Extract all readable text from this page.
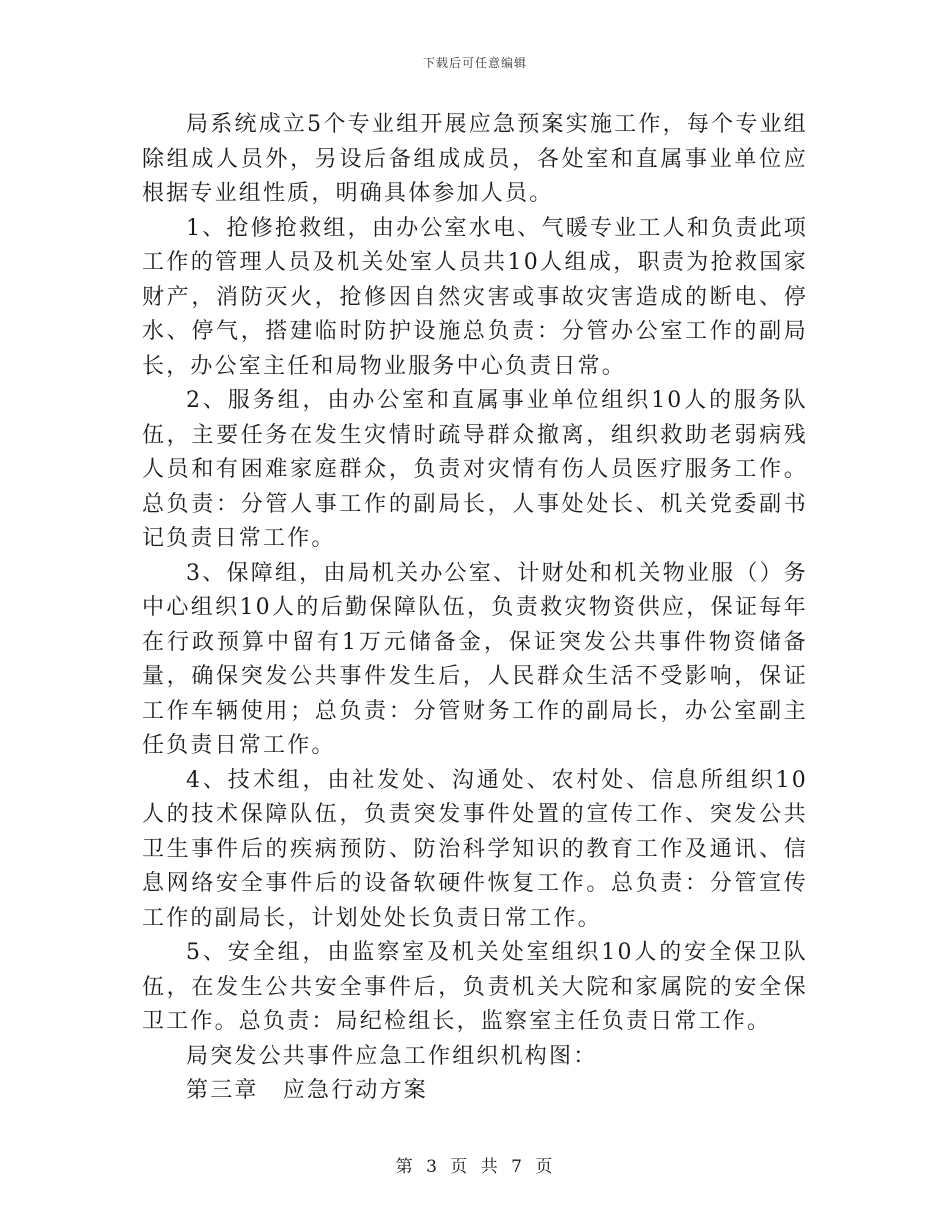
下载后可任意编辑

局系统成立5个专业组开展应急预案实施工作，每个专业组除组成人员外，另设后备组成成员，各处室和直属事业单位应根据专业组性质，明确具体参加人员。

1、抢修抢救组，由办公室水电、气暖专业工人和负责此项工作的管理人员及机关处室人员共10人组成，职责为抢救国家财产，消防灭火，抢修因自然灾害或事故灾害造成的断电、停水、停气，搭建临时防护设施总负责：分管办公室工作的副局长，办公室主任和局物业服务中心负责日常。

2、服务组，由办公室和直属事业单位组织10人的服务队伍，主要任务在发生灾情时疏导群众撤离，组织救助老弱病残人员和有困难家庭群众，负责对灾情有伤人员医疗服务工作。总负责：分管人事工作的副局长，人事处处长、机关党委副书记负责日常工作。

3、保障组，由局机关办公室、计财处和机关物业服（）务中心组织10人的后勤保障队伍，负责救灾物资供应，保证每年在行政预算中留有1万元储备金，保证突发公共事件物资储备量，确保突发公共事件发生后，人民群众生活不受影响，保证工作车辆使用；总负责：分管财务工作的副局长，办公室副主任负责日常工作。

4、技术组，由社发处、沟通处、农村处、信息所组织10人的技术保障队伍，负责突发事件处置的宣传工作、突发公共卫生事件后的疾病预防、防治科学知识的教育工作及通讯、信息网络安全事件后的设备软硬件恢复工作。总负责：分管宣传工作的副局长，计划处处长负责日常工作。

5、安全组，由监察室及机关处室组织10人的安全保卫队伍，在发生公共安全事件后，负责机关大院和家属院的安全保卫工作。总负责：局纪检组长，监察室主任负责日常工作。

局突发公共事件应急工作组织机构图：

第三章　应急行动方案

第 3 页 共 7 页
